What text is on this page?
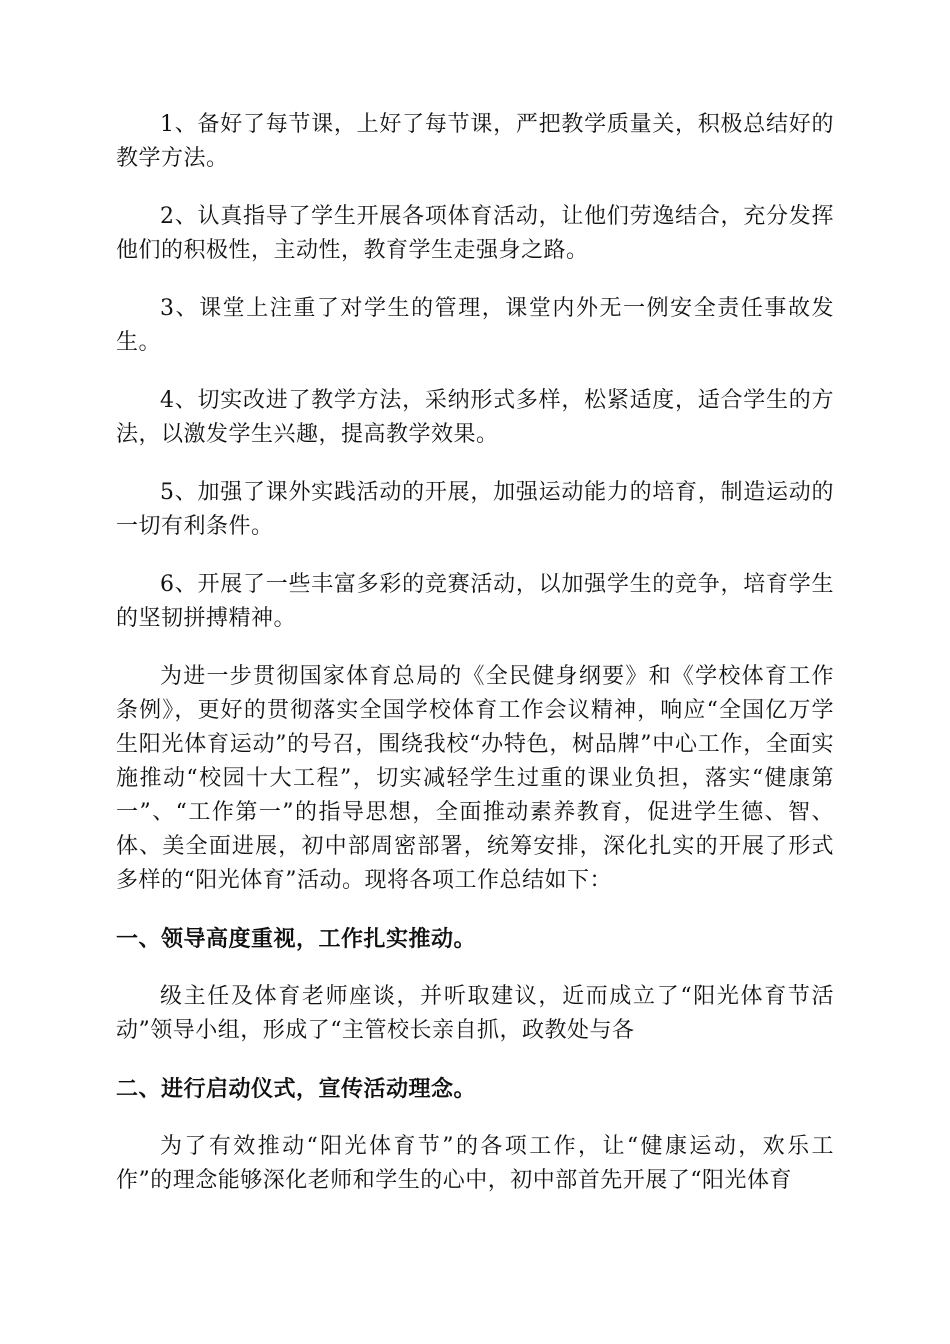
1、备好了每节课，上好了每节课，严把教学质量关，积极总结好的教学方法。

2、认真指导了学生开展各项体育活动，让他们劳逸结合，充分发挥他们的积极性，主动性，教育学生走强身之路。

3、课堂上注重了对学生的管理，课堂内外无一例安全责任事故发生。

4、切实改进了教学方法，采纳形式多样，松紧适度，适合学生的方法，以激发学生兴趣，提高教学效果。

5、加强了课外实践活动的开展，加强运动能力的培育，制造运动的一切有利条件。

6、开展了一些丰富多彩的竞赛活动，以加强学生的竞争，培育学生的坚韧拼搏精神。

为进一步贯彻国家体育总局的《全民健身纲要》和《学校体育工作条例》，更好的贯彻落实全国学校体育工作会议精神，响应“全国亿万学生阳光体育运动”的号召，围绕我校“办特色，树品牌”中心工作，全面实施推动“校园十大工程”，切实减轻学生过重的课业负担，落实“健康第一”、“工作第一”的指导思想，全面推动素养教育，促进学生德、智、体、美全面进展，初中部周密部署，统筹安排，深化扎实的开展了形式多样的“阳光体育”活动。现将各项工作总结如下：

一、领导高度重视，工作扎实推动。

级主任及体育老师座谈，并听取建议，近而成立了“阳光体育节活动”领导小组，形成了“主管校长亲自抓，政教处与各

二、进行启动仪式，宣传活动理念。

为了有效推动“阳光体育节”的各项工作，让“健康运动，欢乐工作”的理念能够深化老师和学生的心中，初中部首先开展了“阳光体育
